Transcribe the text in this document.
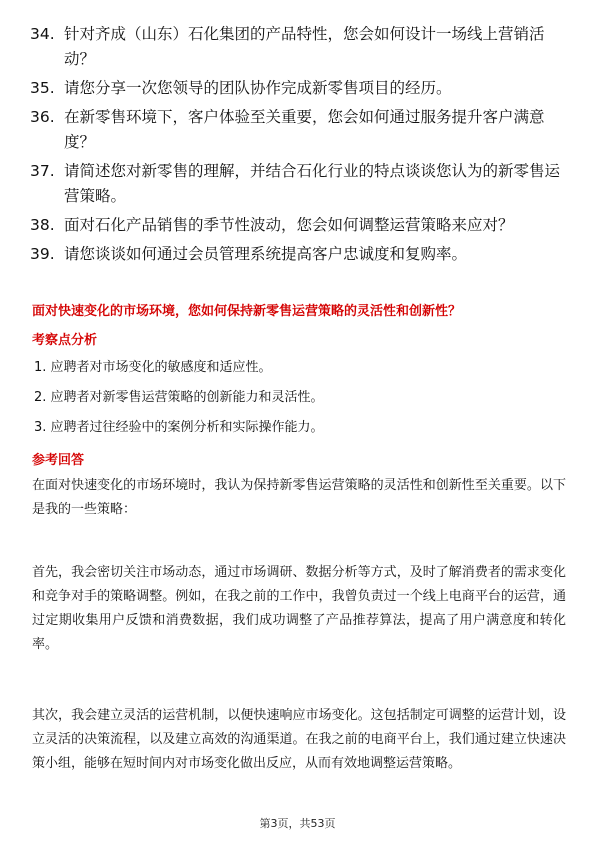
34. 针对齐成（山东）石化集团的产品特性，您会如何设计一场线上营销活动？
35. 请您分享一次您领导的团队协作完成新零售项目的经历。
36. 在新零售环境下，客户体验至关重要，您会如何通过服务提升客户满意度？
37. 请简述您对新零售的理解，并结合石化行业的特点谈谈您认为的新零售运营策略。
38. 面对石化产品销售的季节性波动，您会如何调整运营策略来应对？
39. 请您谈谈如何通过会员管理系统提高客户忠诚度和复购率。
面对快速变化的市场环境，您如何保持新零售运营策略的灵活性和创新性？
考察点分析
1. 应聘者对市场变化的敏感度和适应性。
2. 应聘者对新零售运营策略的创新能力和灵活性。
3. 应聘者过往经验中的案例分析和实际操作能力。
参考回答

在面对快速变化的市场环境时，我认为保持新零售运营策略的灵活性和创新性至关重要。以下是我的一些策略：

首先，我会密切关注市场动态，通过市场调研、数据分析等方式，及时了解消费者的需求变化和竞争对手的策略调整。例如，在我之前的工作中，我曾负责过一个线上电商平台的运营，通过定期收集用户反馈和消费数据，我们成功调整了产品推荐算法，提高了用户满意度和转化率。

其次，我会建立灵活的运营机制，以便快速响应市场变化。这包括制定可调整的运营计划，设立灵活的决策流程，以及建立高效的沟通渠道。在我之前的电商平台上，我们通过建立快速决策小组，能够在短时间内对市场变化做出反应，从而有效地调整运营策略。

第3页，共53页
